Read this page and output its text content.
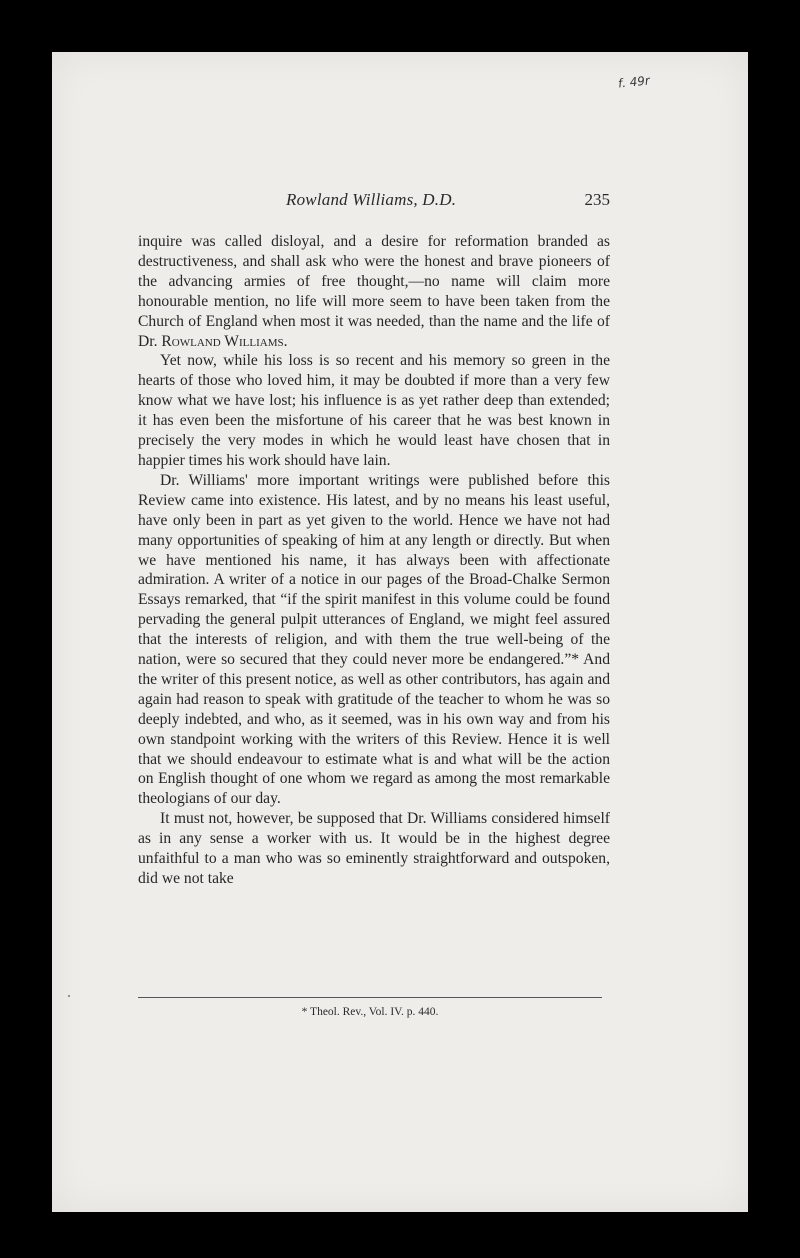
f. 49r
Rowland Williams, D.D.	235

inquire was called disloyal, and a desire for reformation branded as destructiveness, and shall ask who were the honest and brave pioneers of the advancing armies of free thought,—no name will claim more honourable mention, no life will more seem to have been taken from the Church of England when most it was needed, than the name and the life of Dr. Rowland Williams.

Yet now, while his loss is so recent and his memory so green in the hearts of those who loved him, it may be doubted if more than a very few know what we have lost; his influence is as yet rather deep than extended; it has even been the misfortune of his career that he was best known in precisely the very modes in which he would least have chosen that in happier times his work should have lain.

Dr. Williams' more important writings were published before this Review came into existence. His latest, and by no means his least useful, have only been in part as yet given to the world. Hence we have not had many opportunities of speaking of him at any length or directly. But when we have mentioned his name, it has always been with affectionate admiration. A writer of a notice in our pages of the Broad-Chalke Sermon Essays remarked, that “if the spirit manifest in this volume could be found pervading the general pulpit utterances of England, we might feel assured that the interests of religion, and with them the true well-being of the nation, were so secured that they could never more be endangered.”* And the writer of this present notice, as well as other contributors, has again and again had reason to speak with gratitude of the teacher to whom he was so deeply indebted, and who, as it seemed, was in his own way and from his own standpoint working with the writers of this Review. Hence it is well that we should endeavour to estimate what is and what will be the action on English thought of one whom we regard as among the most remarkable theologians of our day.

It must not, however, be supposed that Dr. Williams considered himself as in any sense a worker with us. It would be in the highest degree unfaithful to a man who was so eminently straightforward and outspoken, did we not take

* Theol. Rev., Vol. IV. p. 440.
